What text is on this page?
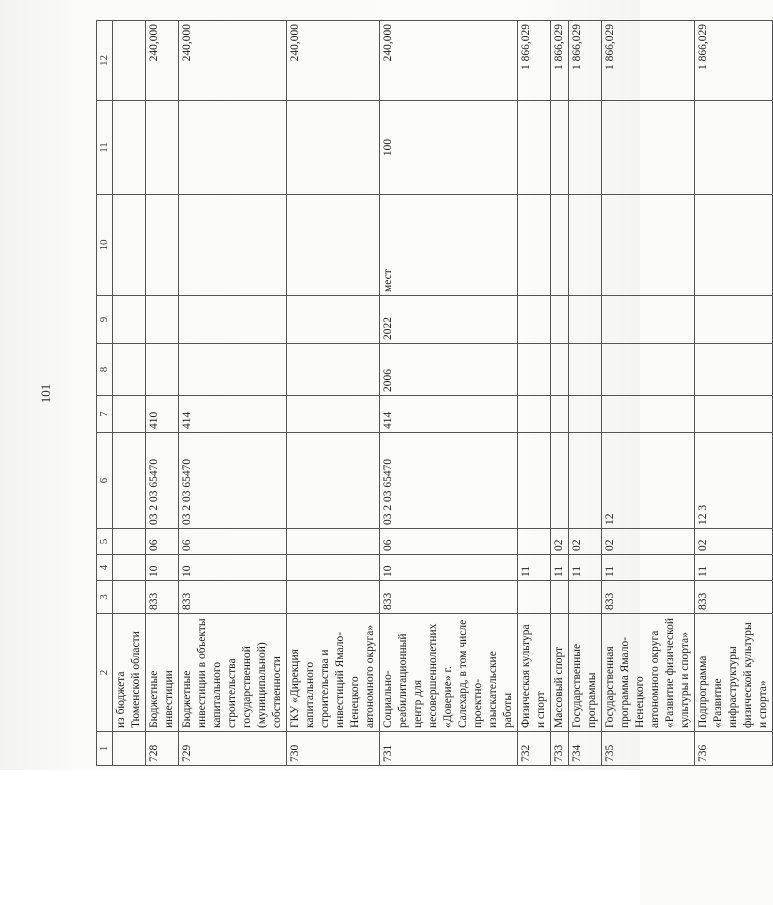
101
1	2	3	4	5	6	7	8	9	10	11	12
	из бюджета Тюменской области										
728	Бюджетные инвестиции	833	10	06	03 2 03 65470	410					240,000
729	Бюджетные инвестиции в объекты капитального строительства государственной (муниципальной) собственности	833	10	06	03 2 03 65470	414					240,000
730	ГКУ «Дирекция капитального строительства и инвестиций Ямало-Ненецкого автономного округа»										240,000
731	Социально-реабилитационный центр для несовершеннолетних «Доверие» г. Салехард, в том числе проектно-изыскательские работы	833	10	06	03 2 03 65470	414	2006	2022	мест	100	240,000
732	Физическая культура и спорт		11								1 866,029
733	Массовый спорт		11	02							1 866,029
734	Государственные программы		11	02							1 866,029
735	Государственная программа Ямало-Ненецкого автономного округа «Развитие физической культуры и спорта»	833	11	02	12						1 866,029
736	Подпрограмма «Развитие инфраструктуры физической культуры и спорта»	833	11	02	12 3						1 866,029
